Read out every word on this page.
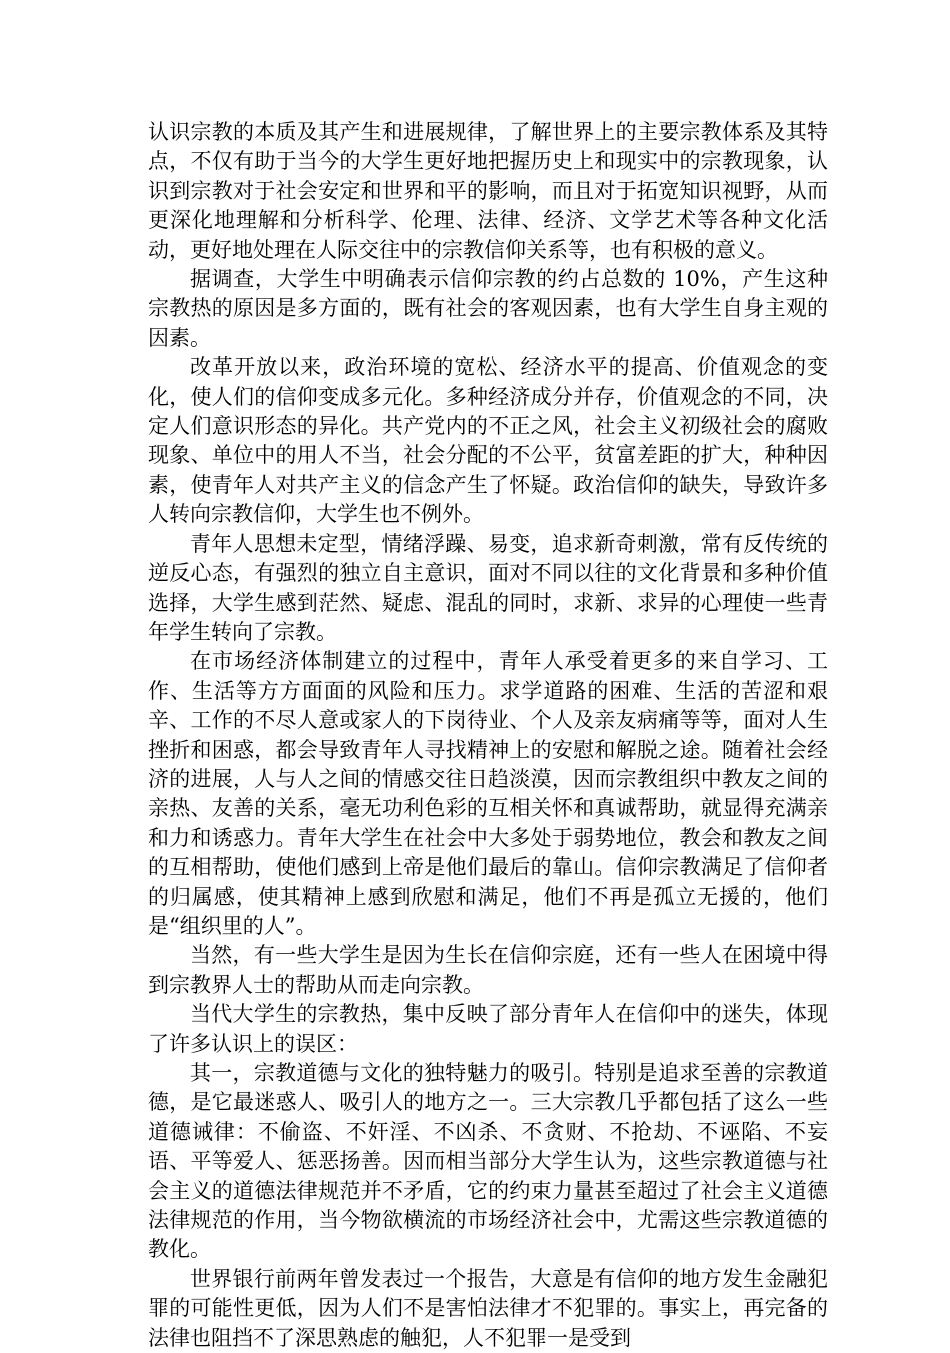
认识宗教的本质及其产生和进展规律，了解世界上的主要宗教体系及其特点，不仅有助于当今的大学生更好地把握历史上和现实中的宗教现象，认识到宗教对于社会安定和世界和平的影响，而且对于拓宽知识视野，从而更深化地理解和分析科学、伦理、法律、经济、文学艺术等各种文化活动，更好地处理在人际交往中的宗教信仰关系等，也有积极的意义。

据调查，大学生中明确表示信仰宗教的约占总数的 10%，产生这种宗教热的原因是多方面的，既有社会的客观因素，也有大学生自身主观的因素。

改革开放以来，政治环境的宽松、经济水平的提高、价值观念的变化，使人们的信仰变成多元化。多种经济成分并存，价值观念的不同，决定人们意识形态的异化。共产党内的不正之风，社会主义初级社会的腐败现象、单位中的用人不当，社会分配的不公平，贫富差距的扩大，种种因素，使青年人对共产主义的信念产生了怀疑。政治信仰的缺失，导致许多人转向宗教信仰，大学生也不例外。

青年人思想未定型，情绪浮躁、易变，追求新奇刺激，常有反传统的逆反心态，有强烈的独立自主意识，面对不同以往的文化背景和多种价值选择，大学生感到茫然、疑虑、混乱的同时，求新、求异的心理使一些青年学生转向了宗教。

在市场经济体制建立的过程中，青年人承受着更多的来自学习、工作、生活等方方面面的风险和压力。求学道路的困难、生活的苦涩和艰辛、工作的不尽人意或家人的下岗待业、个人及亲友病痛等等，面对人生挫折和困惑，都会导致青年人寻找精神上的安慰和解脱之途。随着社会经济的进展，人与人之间的情感交往日趋淡漠，因而宗教组织中教友之间的亲热、友善的关系，毫无功利色彩的互相关怀和真诚帮助，就显得充满亲和力和诱惑力。青年大学生在社会中大多处于弱势地位，教会和教友之间的互相帮助，使他们感到上帝是他们最后的靠山。信仰宗教满足了信仰者的归属感，使其精神上感到欣慰和满足，他们不再是孤立无援的，他们是“组织里的人”。

当然，有一些大学生是因为生长在信仰宗庭，还有一些人在困境中得到宗教界人士的帮助从而走向宗教。

当代大学生的宗教热，集中反映了部分青年人在信仰中的迷失，体现了许多认识上的误区：

其一，宗教道德与文化的独特魅力的吸引。特别是追求至善的宗教道德，是它最迷惑人、吸引人的地方之一。三大宗教几乎都包括了这么一些道德诫律：不偷盗、不奸淫、不凶杀、不贪财、不抢劫、不诬陷、不妄语、平等爱人、惩恶扬善。因而相当部分大学生认为，这些宗教道德与社会主义的道德法律规范并不矛盾，它的约束力量甚至超过了社会主义道德法律规范的作用，当今物欲横流的市场经济社会中，尤需这些宗教道德的教化。

世界银行前两年曾发表过一个报告，大意是有信仰的地方发生金融犯罪的可能性更低，因为人们不是害怕法律才不犯罪的。事实上，再完备的法律也阻挡不了深思熟虑的触犯，人不犯罪一是受到
